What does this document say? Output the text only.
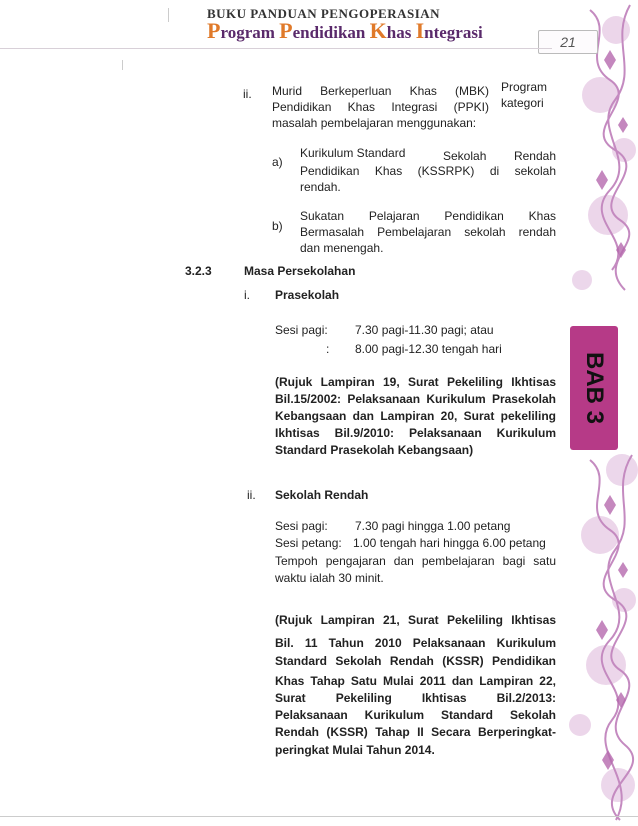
BUKU PANDUAN PENGOPERASIAN
Program Pendidikan Khas Integrasi	21
BAB 3
ii. Murid Berkeperluan Khas (MBK) Program
Pendidikan Khas Integrasi (PPKI) kategori
masalah pembelajaran menggunakan:
a)
Kurikulum Standard	Sekolah Rendah
Pendidikan Khas (KSSRPK) di sekolah
rendah.
b)
Sukatan Pelajaran Pendidikan Khas
Bermasalah Pembelajaran sekolah rendah
dan menengah.
3.2.3	Masa Persekolahan
i. Prasekolah
Sesi pagi: 7.30 pagi-11.30 pagi; atau
: 8.00 pagi-12.30 tengah hari
(Rujuk Lampiran 19, Surat Pekeliling Ikhtisas
Bil.15/2002: Pelaksanaan Kurikulum Prasekolah
Kebangsaan dan Lampiran 20, Surat pekeliling
Ikhtisas Bil.9/2010: Pelaksanaan Kurikulum
Standard Prasekolah Kebangsaan)
ii. Sekolah Rendah
Sesi pagi: 7.30 pagi hingga 1.00 petang
Sesi petang: 1.00 tengah hari hingga 6.00 petang
Tempoh pengajaran dan pembelajaran bagi satu
waktu ialah 30 minit.
(Rujuk Lampiran 21, Surat Pekeliling Ikhtisas
Bil. 11 Tahun 2010 Pelaksanaan Kurikulum
Standard Sekolah Rendah (KSSR) Pendidikan
Khas Tahap Satu Mulai 2011 dan Lampiran 22,
Surat Pekeliling Ikhtisas Bil.2/2013:
Pelaksanaan Kurikulum Standard Sekolah
Rendah (KSSR) Tahap II Secara Berperingkat-
peringkat Mulai Tahun 2014.
